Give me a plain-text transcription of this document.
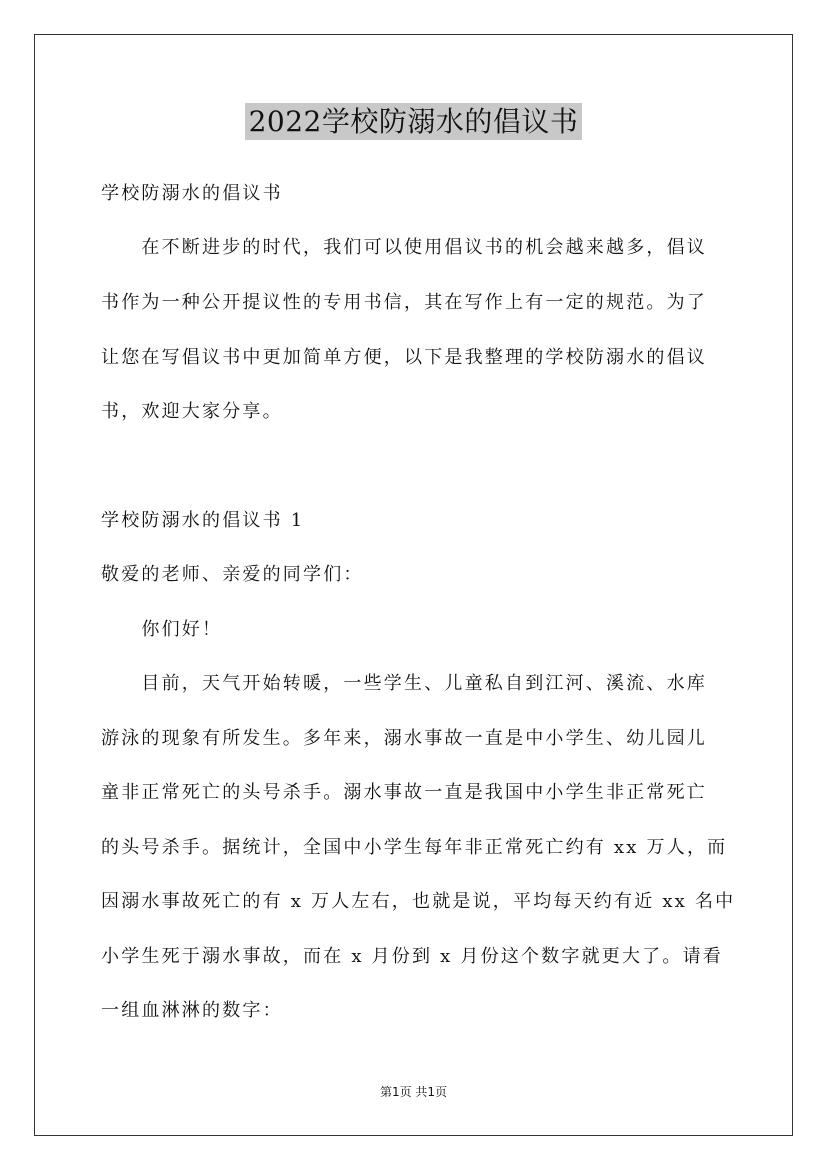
2022学校防溺水的倡议书
学校防溺水的倡议书
　　在不断进步的时代，我们可以使用倡议书的机会越来越多，倡议
书作为一种公开提议性的专用书信，其在写作上有一定的规范。为了
让您在写倡议书中更加简单方便，以下是我整理的学校防溺水的倡议
书，欢迎大家分享。
学校防溺水的倡议书 1
敬爱的老师、亲爱的同学们：
　　你们好！
　　目前，天气开始转暖，一些学生、儿童私自到江河、溪流、水库
游泳的现象有所发生。多年来，溺水事故一直是中小学生、幼儿园儿
童非正常死亡的头号杀手。溺水事故一直是我国中小学生非正常死亡
的头号杀手。据统计，全国中小学生每年非正常死亡约有 xx 万人，而
因溺水事故死亡的有 x 万人左右，也就是说，平均每天约有近 xx 名中
小学生死于溺水事故，而在 x 月份到 x 月份这个数字就更大了。请看
一组血淋淋的数字：
第1页 共1页
